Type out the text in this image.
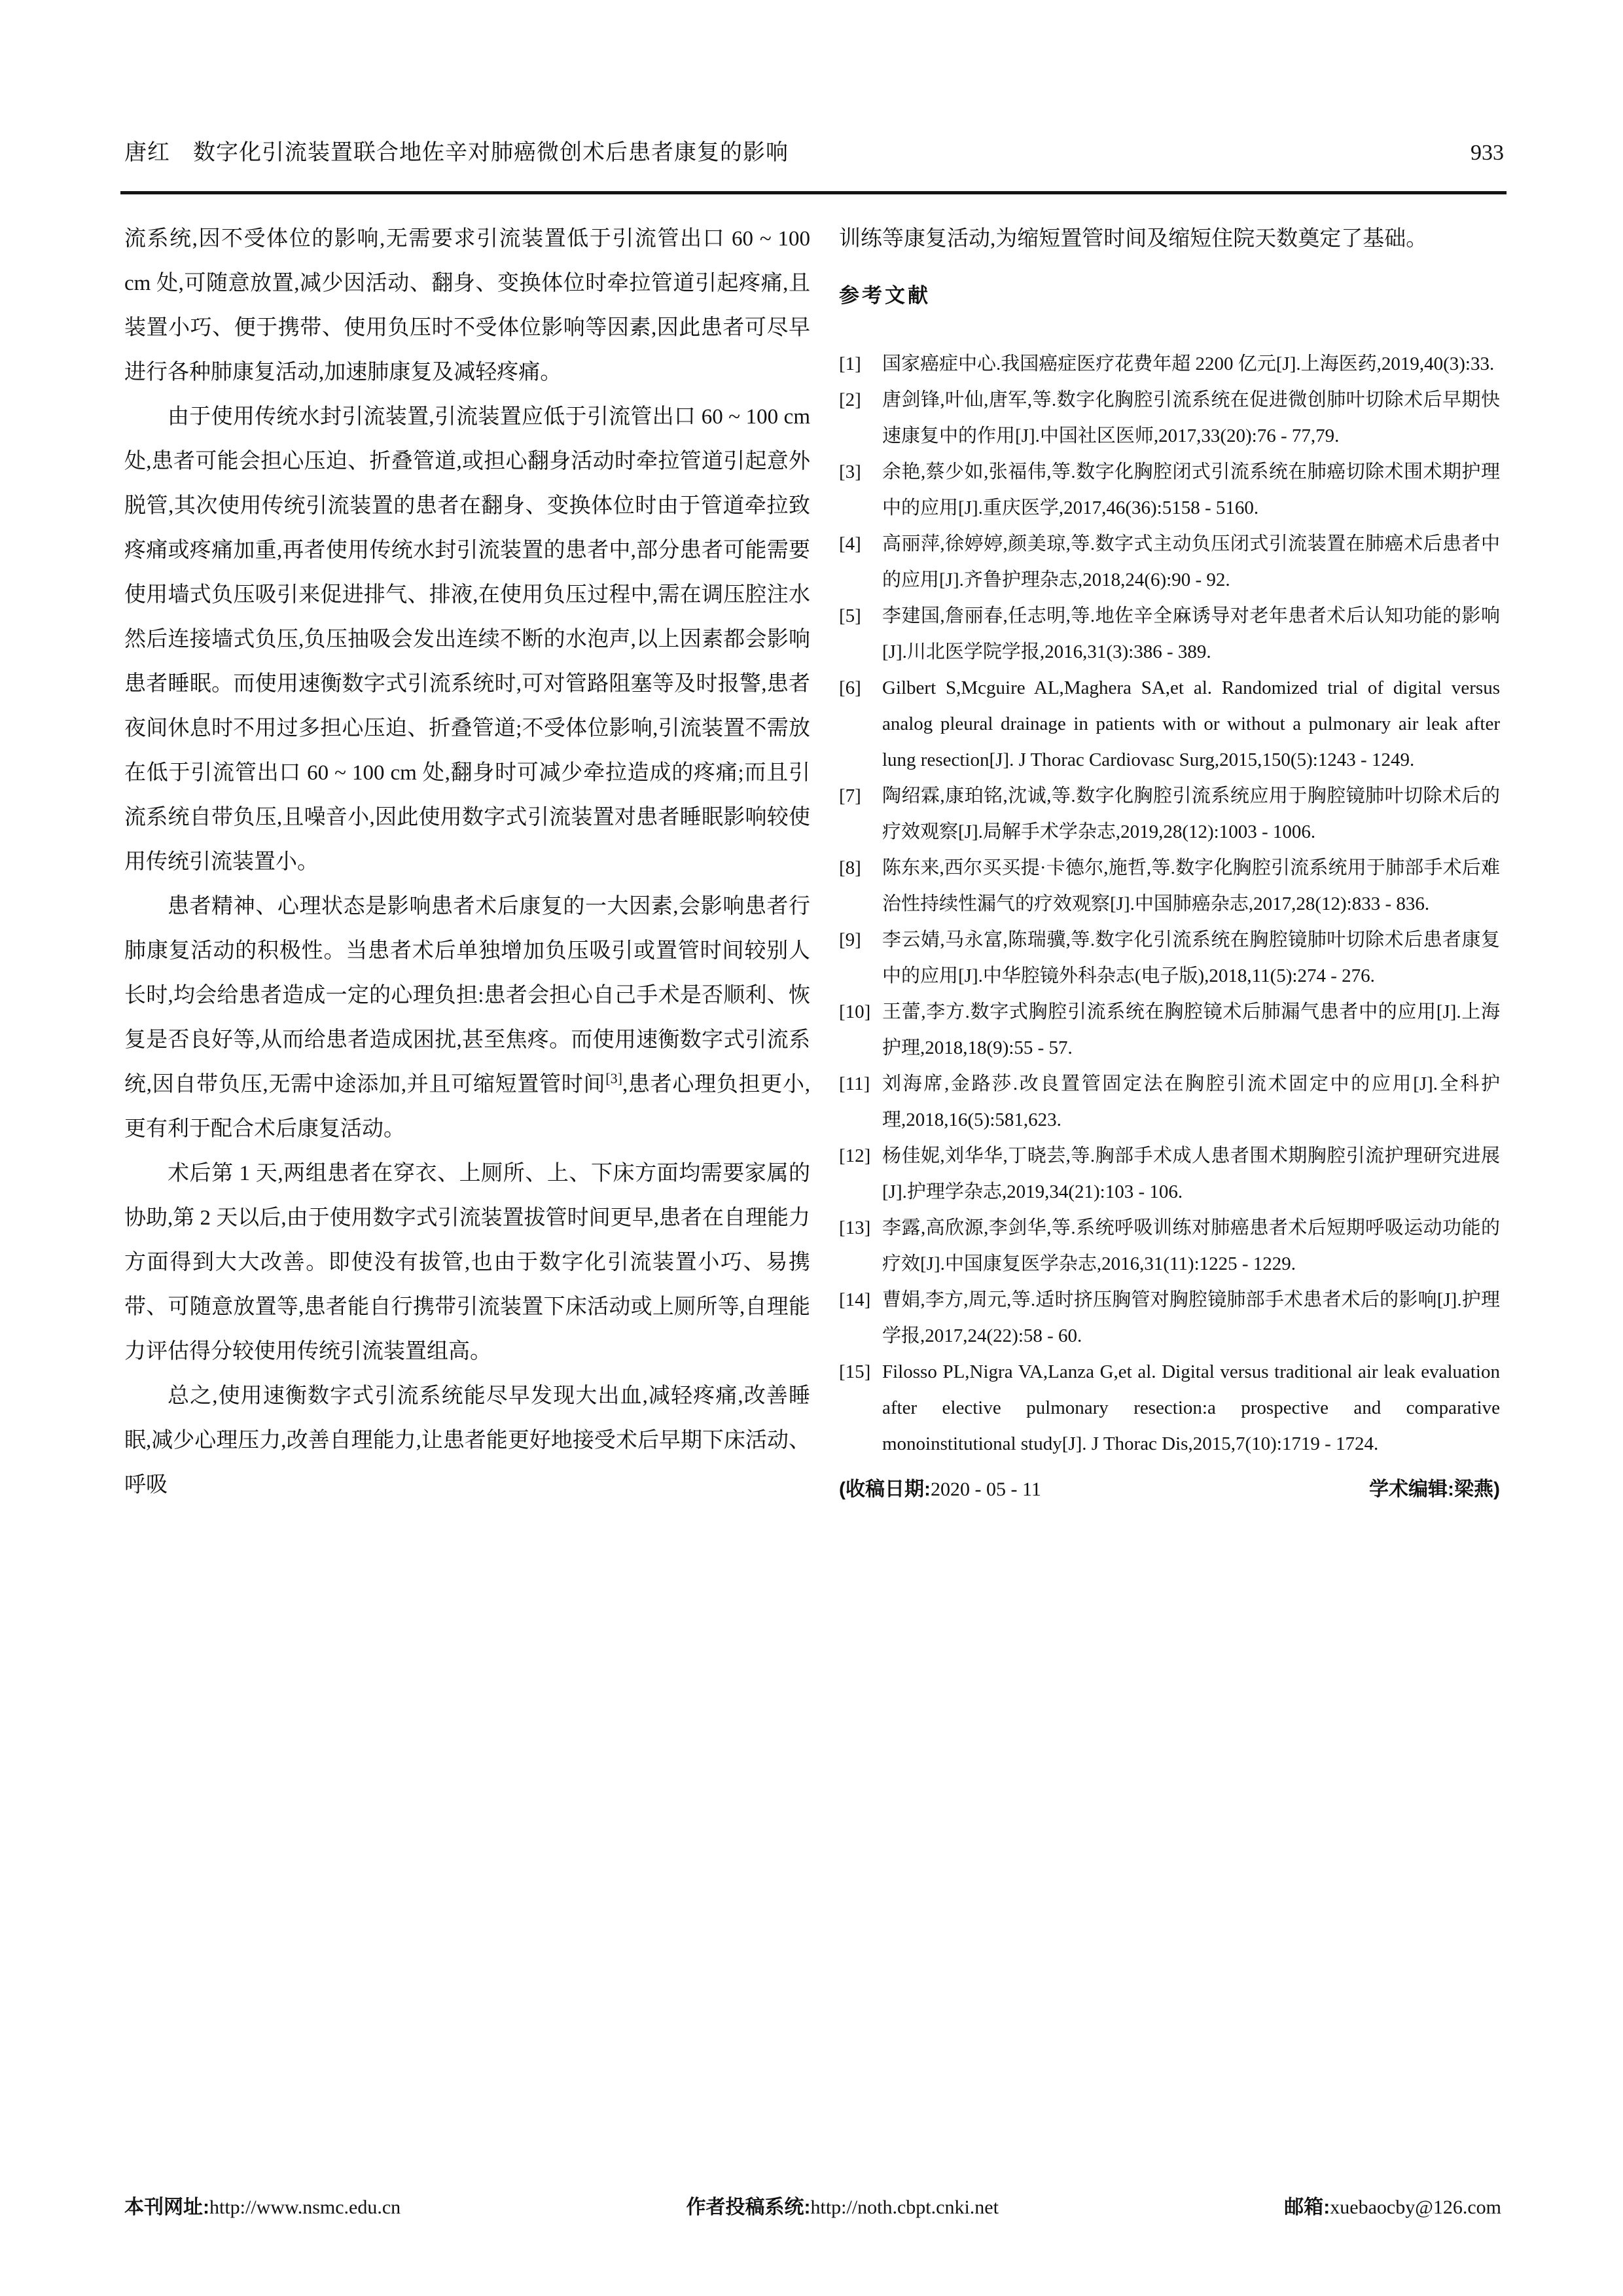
唐红　数字化引流装置联合地佐辛对肺癌微创术后患者康复的影响	933

流系统,因不受体位的影响,无需要求引流装置低于引流管出口 60 ~ 100 cm 处,可随意放置,减少因活动、翻身、变换体位时牵拉管道引起疼痛,且装置小巧、便于携带、使用负压时不受体位影响等因素,因此患者可尽早进行各种肺康复活动,加速肺康复及减轻疼痛。

由于使用传统水封引流装置,引流装置应低于引流管出口 60 ~ 100 cm 处,患者可能会担心压迫、折叠管道,或担心翻身活动时牵拉管道引起意外脱管,其次使用传统引流装置的患者在翻身、变换体位时由于管道牵拉致疼痛或疼痛加重,再者使用传统水封引流装置的患者中,部分患者可能需要使用墙式负压吸引来促进排气、排液,在使用负压过程中,需在调压腔注水然后连接墙式负压,负压抽吸会发出连续不断的水泡声,以上因素都会影响患者睡眠。而使用速衡数字式引流系统时,可对管路阻塞等及时报警,患者夜间休息时不用过多担心压迫、折叠管道;不受体位影响,引流装置不需放在低于引流管出口 60 ~ 100 cm 处,翻身时可减少牵拉造成的疼痛;而且引流系统自带负压,且噪音小,因此使用数字式引流装置对患者睡眠影响较使用传统引流装置小。

患者精神、心理状态是影响患者术后康复的一大因素,会影响患者行肺康复活动的积极性。当患者术后单独增加负压吸引或置管时间较别人长时,均会给患者造成一定的心理负担:患者会担心自己手术是否顺利、恢复是否良好等,从而给患者造成困扰,甚至焦疼。而使用速衡数字式引流系统,因自带负压,无需中途添加,并且可缩短置管时间[3],患者心理负担更小,更有利于配合术后康复活动。

术后第 1 天,两组患者在穿衣、上厕所、上、下床方面均需要家属的协助,第 2 天以后,由于使用数字式引流装置拔管时间更早,患者在自理能力方面得到大大改善。即使没有拔管,也由于数字化引流装置小巧、易携带、可随意放置等,患者能自行携带引流装置下床活动或上厕所等,自理能力评估得分较使用传统引流装置组高。

总之,使用速衡数字式引流系统能尽早发现大出血,减轻疼痛,改善睡眠,减少心理压力,改善自理能力,让患者能更好地接受术后早期下床活动、呼吸

训练等康复活动,为缩短置管时间及缩短住院天数奠定了基础。

参考文献
[1]	国家癌症中心.我国癌症医疗花费年超 2200 亿元[J].上海医药,2019,40(3):33.
[2]	唐剑锋,叶仙,唐军,等.数字化胸腔引流系统在促进微创肺叶切除术后早期快速康复中的作用[J].中国社区医师,2017,33(20):76 - 77,79.
[3]	余艳,蔡少如,张福伟,等.数字化胸腔闭式引流系统在肺癌切除术围术期护理中的应用[J].重庆医学,2017,46(36):5158 - 5160.
[4]	高丽萍,徐婷婷,颜美琼,等.数字式主动负压闭式引流装置在肺癌术后患者中的应用[J].齐鲁护理杂志,2018,24(6):90 - 92.
[5]	李建国,詹丽春,任志明,等.地佐辛全麻诱导对老年患者术后认知功能的影响[J].川北医学院学报,2016,31(3):386 - 389.
[6]	Gilbert S,Mcguire AL,Maghera SA,et al. Randomized trial of digital versus analog pleural drainage in patients with or without a pulmonary air leak after lung resection[J]. J Thorac Cardiovasc Surg,2015,150(5):1243 - 1249.
[7]	陶绍霖,康珀铭,沈诚,等.数字化胸腔引流系统应用于胸腔镜肺叶切除术后的疗效观察[J].局解手术学杂志,2019,28(12):1003 - 1006.
[8]	陈东来,西尔买买提·卡德尔,施哲,等.数字化胸腔引流系统用于肺部手术后难治性持续性漏气的疗效观察[J].中国肺癌杂志,2017,28(12):833 - 836.
[9]	李云婧,马永富,陈瑞骥,等.数字化引流系统在胸腔镜肺叶切除术后患者康复中的应用[J].中华腔镜外科杂志(电子版),2018,11(5):274 - 276.
[10] 王蕾,李方.数字式胸腔引流系统在胸腔镜术后肺漏气患者中的应用[J].上海护理,2018,18(9):55 - 57.
[11] 刘海席,金路莎.改良置管固定法在胸腔引流术固定中的应用[J].全科护理,2018,16(5):581,623.
[12] 杨佳妮,刘华华,丁晓芸,等.胸部手术成人患者围术期胸腔引流护理研究进展[J].护理学杂志,2019,34(21):103 - 106.
[13] 李露,高欣源,李剑华,等.系统呼吸训练对肺癌患者术后短期呼吸运动功能的疗效[J].中国康复医学杂志,2016,31(11):1225 - 1229.
[14] 曹娟,李方,周元,等.适时挤压胸管对胸腔镜肺部手术患者术后的影响[J].护理学报,2017,24(22):58 - 60.
[15] Filosso PL,Nigra VA,Lanza G,et al. Digital versus traditional air leak evaluation after elective pulmonary resection:a prospective and comparative monoinstitutional study[J]. J Thorac Dis,2015,7(10):1719 - 1724.
(收稿日期:2020 - 05 - 11	学术编辑:梁燕)
本刊网址:http://www.nsmc.edu.cn	作者投稿系统:http://noth.cbpt.cnki.net	邮箱:xuebaocby@126.com
